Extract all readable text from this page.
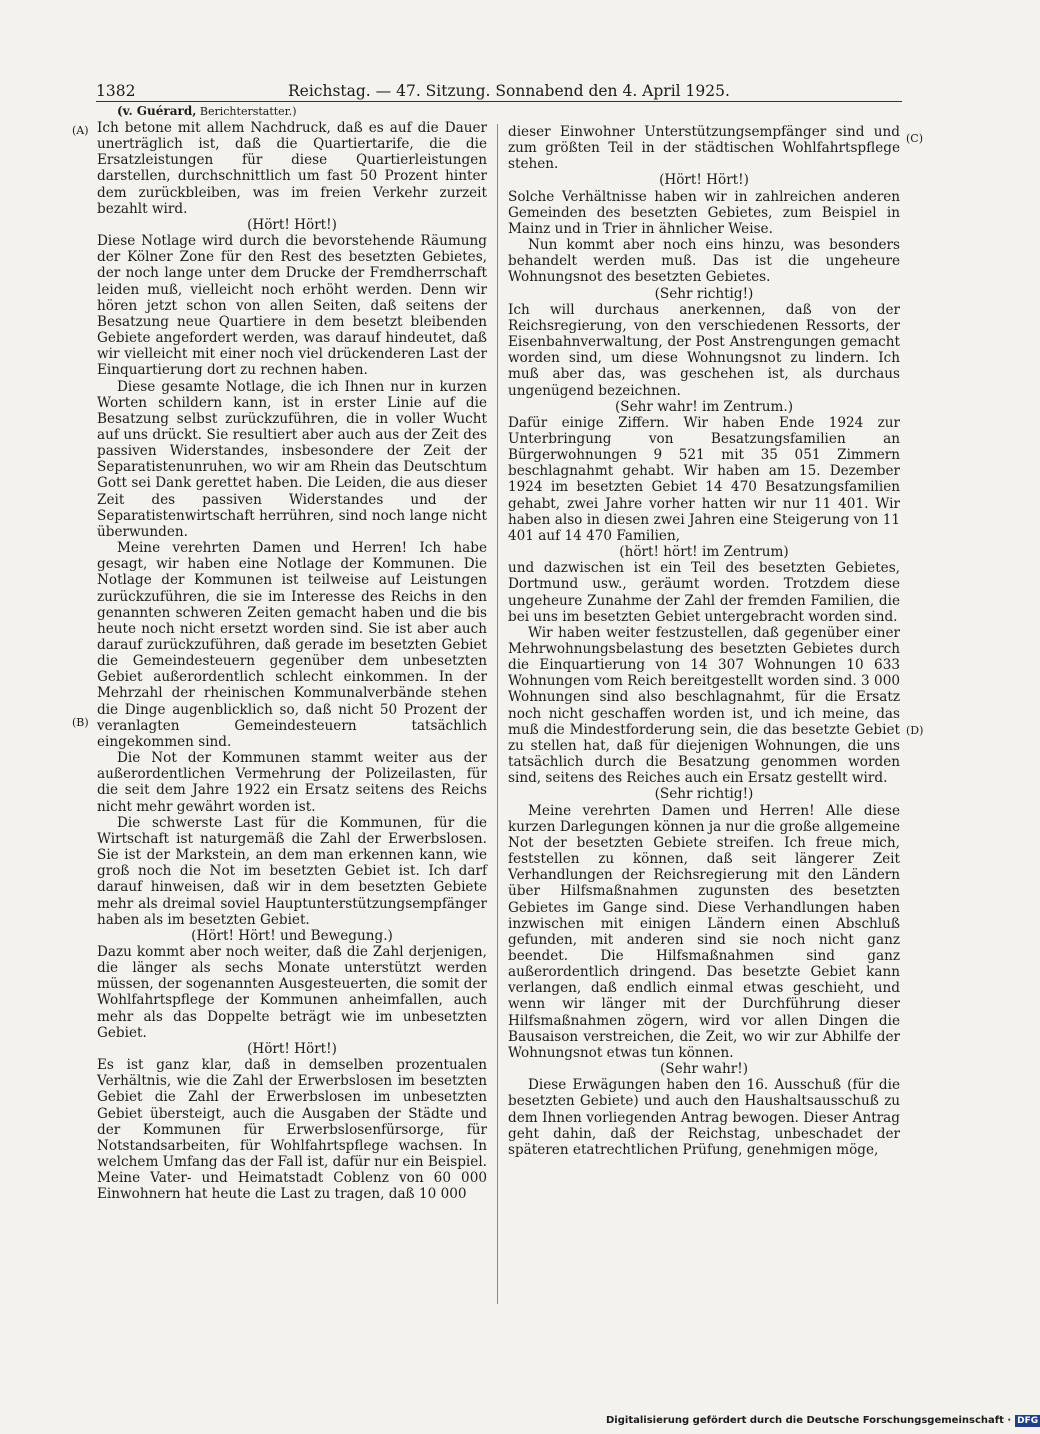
1382	Reichstag. — 47. Sitzung. Sonnabend den 4. April 1925.
(A)
(B)
(C)
(D)

(v. Guérard, Berichterstatter.)

Ich betone mit allem Nachdruck, daß es auf die Dauer unerträglich ist, daß die Quartiertarife, die die Ersatzleistungen für diese Quartierleistungen darstellen, durchschnittlich um fast 50 Prozent hinter dem zurückbleiben, was im freien Verkehr zurzeit bezahlt wird.

(Hört! Hört!)

Diese Notlage wird durch die bevorstehende Räumung der Kölner Zone für den Rest des besetzten Gebietes, der noch lange unter dem Drucke der Fremdherrschaft leiden muß, vielleicht noch erhöht werden. Denn wir hören jetzt schon von allen Seiten, daß seitens der Besatzung neue Quartiere in dem besetzt bleibenden Gebiete angefordert werden, was darauf hindeutet, daß wir vielleicht mit einer noch viel drückenderen Last der Einquartierung dort zu rechnen haben.

Diese gesamte Notlage, die ich Ihnen nur in kurzen Worten schildern kann, ist in erster Linie auf die Besatzung selbst zurückzuführen, die in voller Wucht auf uns drückt. Sie resultiert aber auch aus der Zeit des passiven Widerstandes, insbesondere der Zeit der Separatistenunruhen, wo wir am Rhein das Deutschtum Gott sei Dank gerettet haben. Die Leiden, die aus dieser Zeit des passiven Widerstandes und der Separatistenwirtschaft herrühren, sind noch lange nicht überwunden.

Meine verehrten Damen und Herren! Ich habe gesagt, wir haben eine Notlage der Kommunen. Die Notlage der Kommunen ist teilweise auf Leistungen zurückzuführen, die sie im Interesse des Reichs in den genannten schweren Zeiten gemacht haben und die bis heute noch nicht ersetzt worden sind. Sie ist aber auch darauf zurückzuführen, daß gerade im besetzten Gebiet die Gemeindesteuern gegenüber dem unbesetzten Gebiet außerordentlich schlecht einkommen. In der Mehrzahl der rheinischen Kommunalverbände stehen die Dinge augenblicklich so, daß nicht 50 Prozent der veranlagten Gemeindesteuern tatsächlich eingekommen sind.

Die Not der Kommunen stammt weiter aus der außerordentlichen Vermehrung der Polizeilasten, für die seit dem Jahre 1922 ein Ersatz seitens des Reichs nicht mehr gewährt worden ist.

Die schwerste Last für die Kommunen, für die Wirtschaft ist naturgemäß die Zahl der Erwerbslosen. Sie ist der Markstein, an dem man erkennen kann, wie groß noch die Not im besetzten Gebiet ist. Ich darf darauf hinweisen, daß wir in dem besetzten Gebiete mehr als dreimal soviel Hauptunterstützungsempfänger haben als im besetzten Gebiet.

(Hört! Hört! und Bewegung.)

Dazu kommt aber noch weiter, daß die Zahl derjenigen, die länger als sechs Monate unterstützt werden müssen, der sogenannten Ausgesteuerten, die somit der Wohlfahrtspflege der Kommunen anheimfallen, auch mehr als das Doppelte beträgt wie im unbesetzten Gebiet.

(Hört! Hört!)

Es ist ganz klar, daß in demselben prozentualen Verhältnis, wie die Zahl der Erwerbslosen im besetzten Gebiet die Zahl der Erwerbslosen im unbesetzten Gebiet übersteigt, auch die Ausgaben der Städte und der Kommunen für Erwerbslosenfürsorge, für Notstandsarbeiten, für Wohlfahrtspflege wachsen. In welchem Umfang das der Fall ist, dafür nur ein Beispiel. Meine Vater- und Heimatstadt Coblenz von 60 000 Einwohnern hat heute die Last zu tragen, daß 10 000

dieser Einwohner Unterstützungsempfänger sind und zum größten Teil in der städtischen Wohlfahrtspflege stehen.

(Hört! Hört!)

Solche Verhältnisse haben wir in zahlreichen anderen Gemeinden des besetzten Gebietes, zum Beispiel in Mainz und in Trier in ähnlicher Weise.

Nun kommt aber noch eins hinzu, was besonders behandelt werden muß. Das ist die ungeheure Wohnungsnot des besetzten Gebietes.

(Sehr richtig!)

Ich will durchaus anerkennen, daß von der Reichsregierung, von den verschiedenen Ressorts, der Eisenbahnverwaltung, der Post Anstrengungen gemacht worden sind, um diese Wohnungsnot zu lindern. Ich muß aber das, was geschehen ist, als durchaus ungenügend bezeichnen.

(Sehr wahr! im Zentrum.)

Dafür einige Ziffern. Wir haben Ende 1924 zur Unterbringung von Besatzungsfamilien an Bürgerwohnungen 9 521 mit 35 051 Zimmern beschlagnahmt gehabt. Wir haben am 15. Dezember 1924 im besetzten Gebiet 14 470 Besatzungsfamilien gehabt, zwei Jahre vorher hatten wir nur 11 401. Wir haben also in diesen zwei Jahren eine Steigerung von 11 401 auf 14 470 Familien,

(hört! hört! im Zentrum)

und dazwischen ist ein Teil des besetzten Gebietes, Dortmund usw., geräumt worden. Trotzdem diese ungeheure Zunahme der Zahl der fremden Familien, die bei uns im besetzten Gebiet untergebracht worden sind.

Wir haben weiter festzustellen, daß gegenüber einer Mehrwohnungsbelastung des besetzten Gebietes durch die Einquartierung von 14 307 Wohnungen 10 633 Wohnungen vom Reich bereitgestellt worden sind. 3 000 Wohnungen sind also beschlagnahmt, für die Ersatz noch nicht geschaffen worden ist, und ich meine, das muß die Mindestforderung sein, die das besetzte Gebiet zu stellen hat, daß für diejenigen Wohnungen, die uns tatsächlich durch die Besatzung genommen worden sind, seitens des Reiches auch ein Ersatz gestellt wird.

(Sehr richtig!)

Meine verehrten Damen und Herren! Alle diese kurzen Darlegungen können ja nur die große allgemeine Not der besetzten Gebiete streifen. Ich freue mich, feststellen zu können, daß seit längerer Zeit Verhandlungen der Reichsregierung mit den Ländern über Hilfsmaßnahmen zugunsten des besetzten Gebietes im Gange sind. Diese Verhandlungen haben inzwischen mit einigen Ländern einen Abschluß gefunden, mit anderen sind sie noch nicht ganz beendet. Die Hilfsmaßnahmen sind ganz außerordentlich dringend. Das besetzte Gebiet kann verlangen, daß endlich einmal etwas geschieht, und wenn wir länger mit der Durchführung dieser Hilfsmaßnahmen zögern, wird vor allen Dingen die Bausaison verstreichen, die Zeit, wo wir zur Abhilfe der Wohnungsnot etwas tun können.

(Sehr wahr!)

Diese Erwägungen haben den 16. Ausschuß (für die besetzten Gebiete) und auch den Haushaltsausschuß zu dem Ihnen vorliegenden Antrag bewogen. Dieser Antrag geht dahin, daß der Reichstag, unbeschadet der späteren etatrechtlichen Prüfung, genehmigen möge,

Digitalisierung gefördert durch die Deutsche Forschungsgemeinschaft · DFG
